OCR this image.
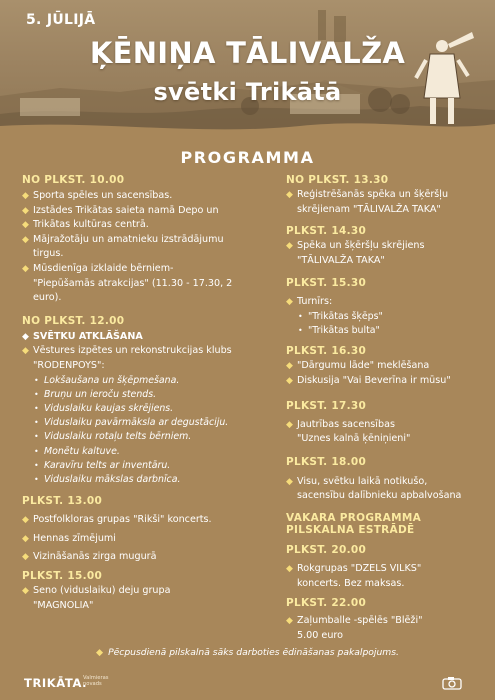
5. JŪLIJĀ
ĶĒNIŅA TĀLIVALŽA
svētki Trikātā
PROGRAMMA
NO PLKST. 10.00
◆ Sporta spēles un sacensības.
◆ Izstādes Trikātas saieta namā Depo un
◆ Trikātas kultūras centrā.
◆ Mājražotāju un amatnieku izstrādājumu
tirgus.
◆ Mūsdienīga izklaide bērniem-
"Piepūšamās atrakcijas" (11.30 - 17.30, 2
euro).
NO PLKST. 12.00
◆ SVĒTKU ATKLĀŠANA
◆ Vēstures izpētes un rekonstrukcijas klubs
"RODENPOYS":
• Lokšaušana un šķēpmešana.
• Bruņu un ieroču stends.
• Viduslaiku kaujas skrējiens.
• Viduslaiku pavārmāksla ar degustāciju.
• Viduslaiku rotaļu telts bērniem.
• Monētu kaltuve.
• Karavīru telts ar inventāru.
• Viduslaiku mākslas darbnīca.
PLKST. 13.00
◆ Postfolkloras grupas "Rikši" koncerts.
◆ Hennas zīmējumi
◆ Vizināšanās zirga mugurā
PLKST. 15.00
◆ Seno (viduslaiku) deju grupa
"MAGNOLIA"
NO PLKST. 13.30
◆ Reģistrēšanās spēka un šķēršļu
skrējienam "TĀLIVALŽA TAKA"
PLKST. 14.30
◆ Spēka un šķēršļu skrējiens
"TĀLIVALŽA TAKA"
PLKST. 15.30
◆ Turnīrs:
• "Trikātas šķēps"
• "Trikātas bulta"
PLKST. 16.30
◆ "Dārgumu lāde" meklēšana
◆ Diskusija "Vai Beverīna ir mūsu"
PLKST. 17.30
◆ Jautrības sacensības
"Uznes kalnā ķēniņieni"
PLKST. 18.00
◆ Visu, svētku laikā notikušo,
sacensību dalībnieku apbalvošana
VAKARA PROGRAMMA
PILSKALNA ESTRĀDĒ
PLKST. 20.00
◆ Rokgrupas "DZELS VILKS"
koncerts. Bez maksas.
PLKST. 22.00
◆ Zaļumballe -spēlēs "Blēži"
5.00 euro
◆ Pēcpusdienā pilskalnā sāks darboties ēdināšanas pakalpojums.
TRIKĀTA.
Valmieras novads
